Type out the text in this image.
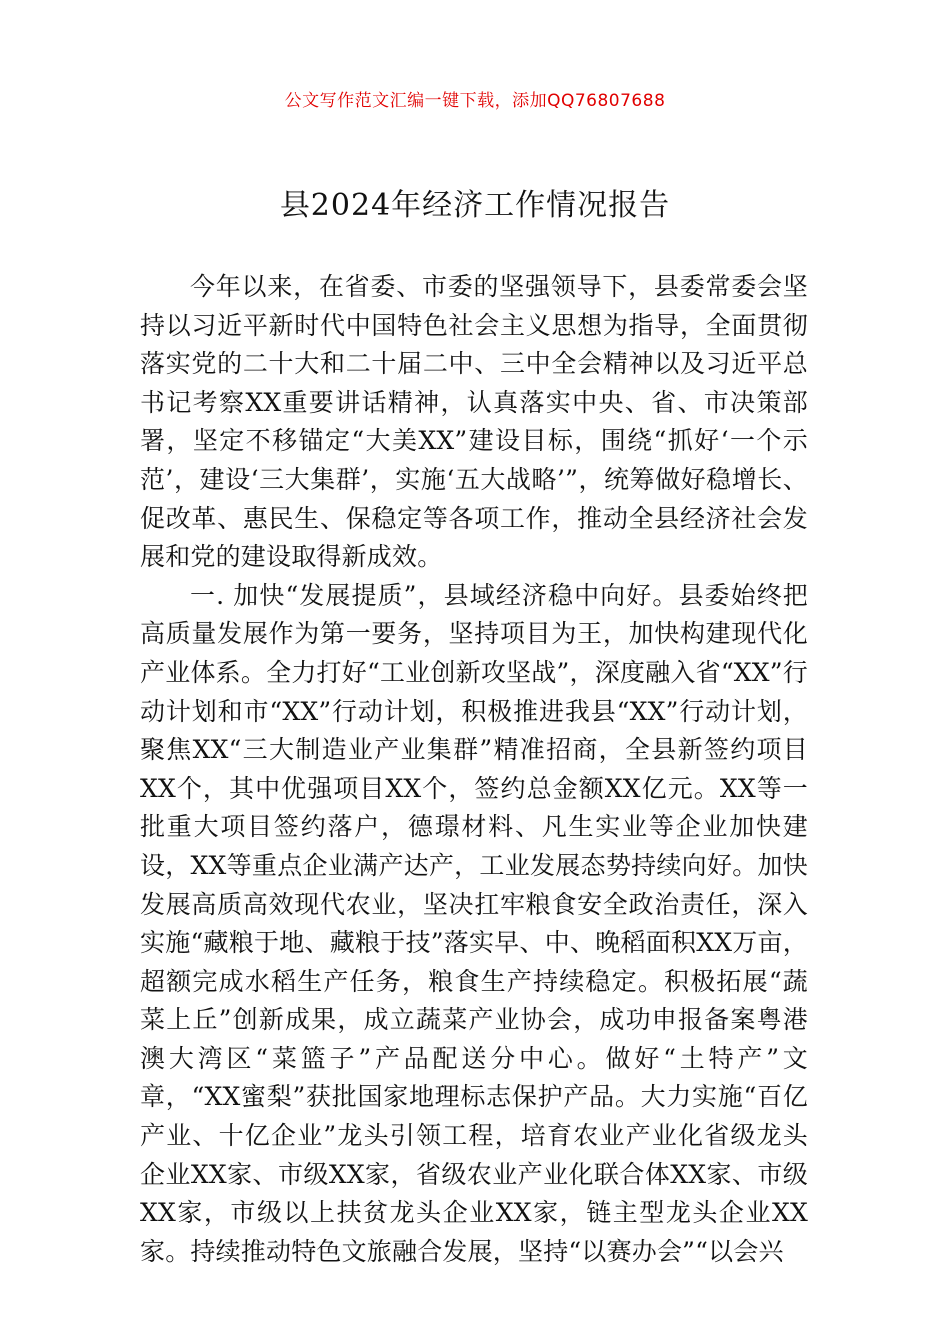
公文写作范文汇编一键下载，添加QQ76807688
县2024年经济工作情况报告

今年以来，在省委、市委的坚强领导下，县委常委会坚持以习近平新时代中国特色社会主义思想为指导，全面贯彻落实党的二十大和二十届二中、三中全会精神以及习近平总书记考察XX重要讲话精神，认真落实中央、省、市决策部署，坚定不移锚定“大美XX”建设目标，围绕“抓好‘一个示范’，建设‘三大集群’，实施‘五大战略’”，统筹做好稳增长、促改革、惠民生、保稳定等各项工作，推动全县经济社会发展和党的建设取得新成效。

一. 加快“发展提质”，县域经济稳中向好。县委始终把高质量发展作为第一要务，坚持项目为王，加快构建现代化产业体系。全力打好“工业创新攻坚战”，深度融入省“XX”行动计划和市“XX”行动计划，积极推进我县“XX”行动计划，聚焦XX“三大制造业产业集群”精准招商，全县新签约项目XX个，其中优强项目XX个，签约总金额XX亿元。XX等一批重大项目签约落户，德璟材料、凡生实业等企业加快建设，XX等重点企业满产达产，工业发展态势持续向好。加快发展高质高效现代农业，坚决扛牢粮食安全政治责任，深入实施“藏粮于地、藏粮于技”落实早、中、晚稻面积XX万亩，超额完成水稻生产任务，粮食生产持续稳定。积极拓展“蔬菜上丘”创新成果，成立蔬菜产业协会，成功申报备案粤港澳大湾区“菜篮子”产品配送分中心。做好“土特产”文章，“XX蜜梨”获批国家地理标志保护产品。大力实施“百亿产业、十亿企业”龙头引领工程，培育农业产业化省级龙头企业XX家、市级XX家，省级农业产业化联合体XX家、市级XX家，市级以上扶贫龙头企业XX家，链主型龙头企业XX家。持续推动特色文旅融合发展，坚持“以赛办会”“以会兴
